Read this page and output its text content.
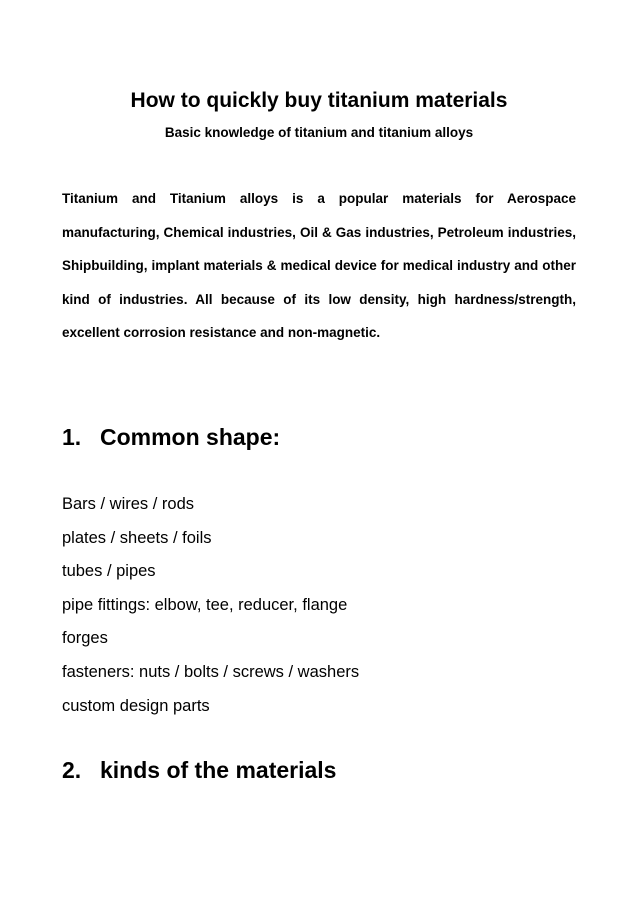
How to quickly buy titanium materials
Basic knowledge of titanium and titanium alloys

Titanium and Titanium alloys is a popular materials for Aerospace manufacturing, Chemical industries, Oil & Gas industries, Petroleum industries, Shipbuilding, implant materials & medical device for medical industry and other kind of industries. All because of its low density, high hardness/strength, excellent corrosion resistance and non-magnetic.

1. Common shape:
Bars / wires / rods
plates / sheets / foils
tubes / pipes
pipe fittings: elbow, tee, reducer, flange
forges
fasteners: nuts / bolts / screws / washers
custom design parts
2. kinds of the materials
